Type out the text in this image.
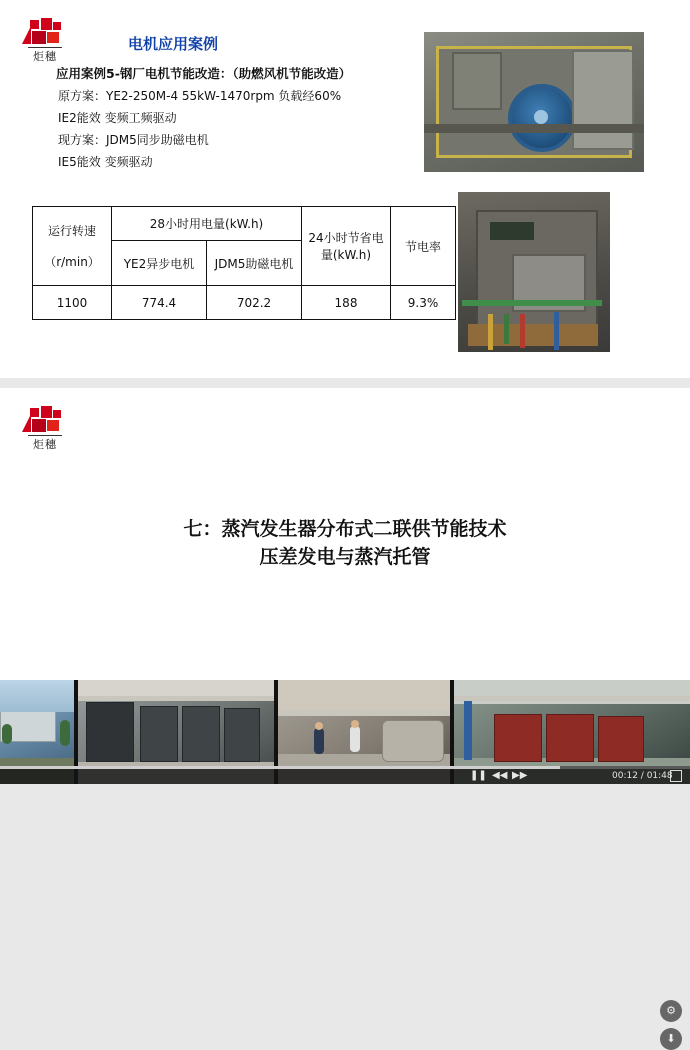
炬穗
电机应用案例
应用案例5-钢厂电机节能改造：（助燃风机节能改造）
原方案：YE2-250M-4 55kW-1470rpm 负载经60%
IE2能效 变频工频驱动
现方案：JDM5同步助磁电机
IE5能效 变频驱动
运行转速
（r/min）	28小时用电量(kW.h)		24小时节省电量(kW.h)	节电率
	YE2异步电机	JDM5助磁电机		
1100	774.4	702.2	188	9.3%
炬穗
七：蒸汽发生器分布式二联供节能技术
压差发电与蒸汽托管
⚙
⬇
❚❚ ◀◀ ▶▶	00:12 / 01:48
